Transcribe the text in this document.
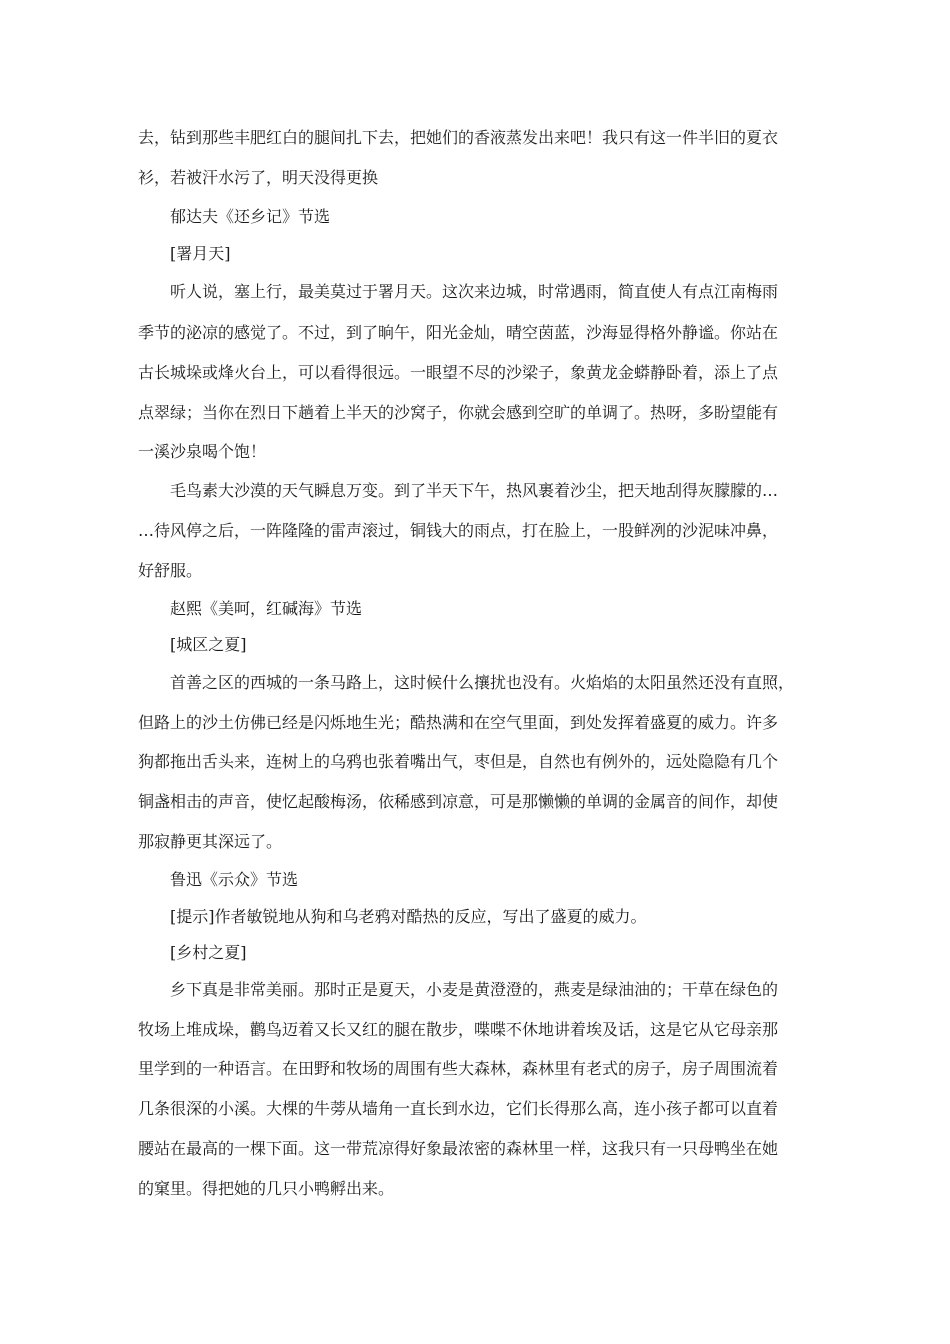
去，钻到那些丰肥红白的腿间扎下去，把她们的香液蒸发出来吧！我只有这一件半旧的夏衣
衫，若被汗水污了，明天没得更换
郁达夫《还乡记》节选
[署月天]
听人说，塞上行，最美莫过于署月天。这次来边城，时常遇雨，简直使人有点江南梅雨
季节的泌凉的感觉了。不过，到了晌午，阳光金灿，晴空茵蓝，沙海显得格外静谧。你站在
古长城垛或烽火台上，可以看得很远。一眼望不尽的沙梁子，象黄龙金蟒静卧着，添上了点
点翠绿；当你在烈日下趟着上半天的沙窝子，你就会感到空旷的单调了。热呀，多盼望能有
一溪沙泉喝个饱！
毛鸟素大沙漠的天气瞬息万变。到了半天下午，热风裹着沙尘，把天地刮得灰朦朦的…
…待风停之后，一阵隆隆的雷声滚过，铜钱大的雨点，打在脸上，一股鲜冽的沙泥味冲鼻，
好舒服。
赵熙《美呵，红碱海》节选
[城区之夏]
首善之区的西城的一条马路上，这时候什么攘扰也没有。火焰焰的太阳虽然还没有直照，
但路上的沙土仿佛已经是闪烁地生光；酷热满和在空气里面，到处发挥着盛夏的威力。许多
狗都拖出舌头来，连树上的乌鸦也张着嘴出气，枣但是，自然也有例外的，远处隐隐有几个
铜盏相击的声音，使忆起酸梅汤，依稀感到凉意，可是那懒懒的单调的金属音的间作，却使
那寂静更其深远了。
鲁迅《示众》节选
[提示]作者敏锐地从狗和乌老鸦对酷热的反应，写出了盛夏的威力。
[乡村之夏]
乡下真是非常美丽。那时正是夏天，小麦是黄澄澄的，燕麦是绿油油的；干草在绿色的
牧场上堆成垛，鹳鸟迈着又长又红的腿在散步，喋喋不休地讲着埃及话，这是它从它母亲那
里学到的一种语言。在田野和牧场的周围有些大森林，森林里有老式的房子，房子周围流着
几条很深的小溪。大棵的牛蒡从墙角一直长到水边，它们长得那么高，连小孩子都可以直着
腰站在最高的一棵下面。这一带荒凉得好象最浓密的森林里一样，这我只有一只母鸭坐在她
的窠里。得把她的几只小鸭孵出来。
